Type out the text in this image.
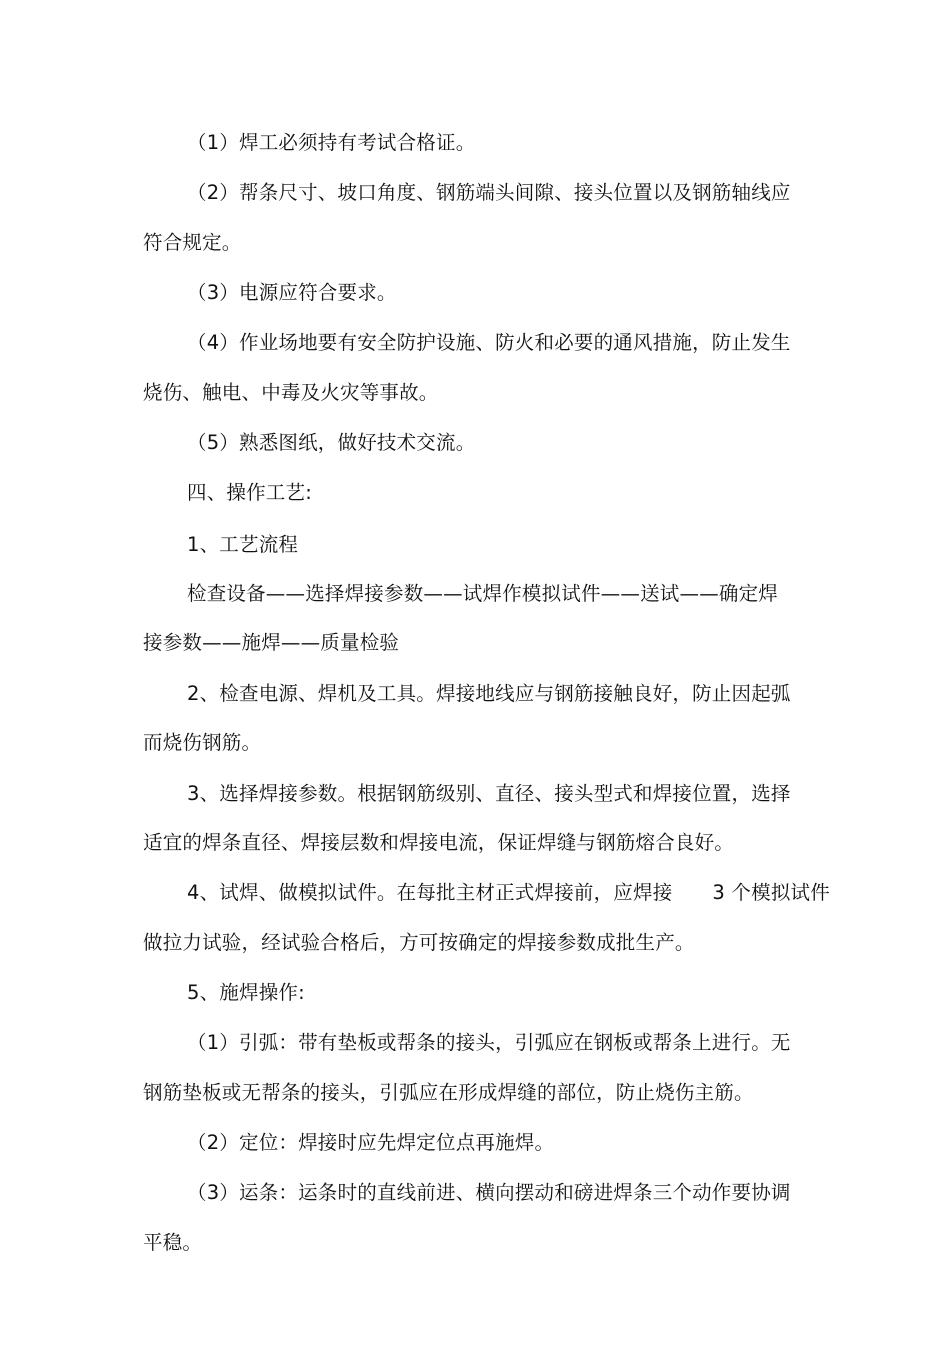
（1）焊工必须持有考试合格证。
（2）帮条尺寸、坡口角度、钢筋端头间隙、接头位置以及钢筋轴线应
符合规定。
（3）电源应符合要求。
（4）作业场地要有安全防护设施、防火和必要的通风措施，防止发生
烧伤、触电、中毒及火灾等事故。
（5）熟悉图纸，做好技术交流。
四、操作工艺:
1、工艺流程
检查设备——选择焊接参数——试焊作模拟试件——送试——确定焊
接参数——施焊——质量检验
2、检查电源、焊机及工具。焊接地线应与钢筋接触良好，防止因起弧
而烧伤钢筋。
3、选择焊接参数。根据钢筋级别、直径、接头型式和焊接位置，选择
适宜的焊条直径、焊接层数和焊接电流，保证焊缝与钢筋熔合良好。
4、试焊、做模拟试件。在每批主材正式焊接前，应焊接 3 个模拟试件
做拉力试验，经试验合格后，方可按确定的焊接参数成批生产。
5、施焊操作:
（1）引弧：带有垫板或帮条的接头，引弧应在钢板或帮条上进行。无
钢筋垫板或无帮条的接头，引弧应在形成焊缝的部位，防止烧伤主筋。
（2）定位：焊接时应先焊定位点再施焊。
（3）运条：运条时的直线前进、横向摆动和磅进焊条三个动作要协调
平稳。
